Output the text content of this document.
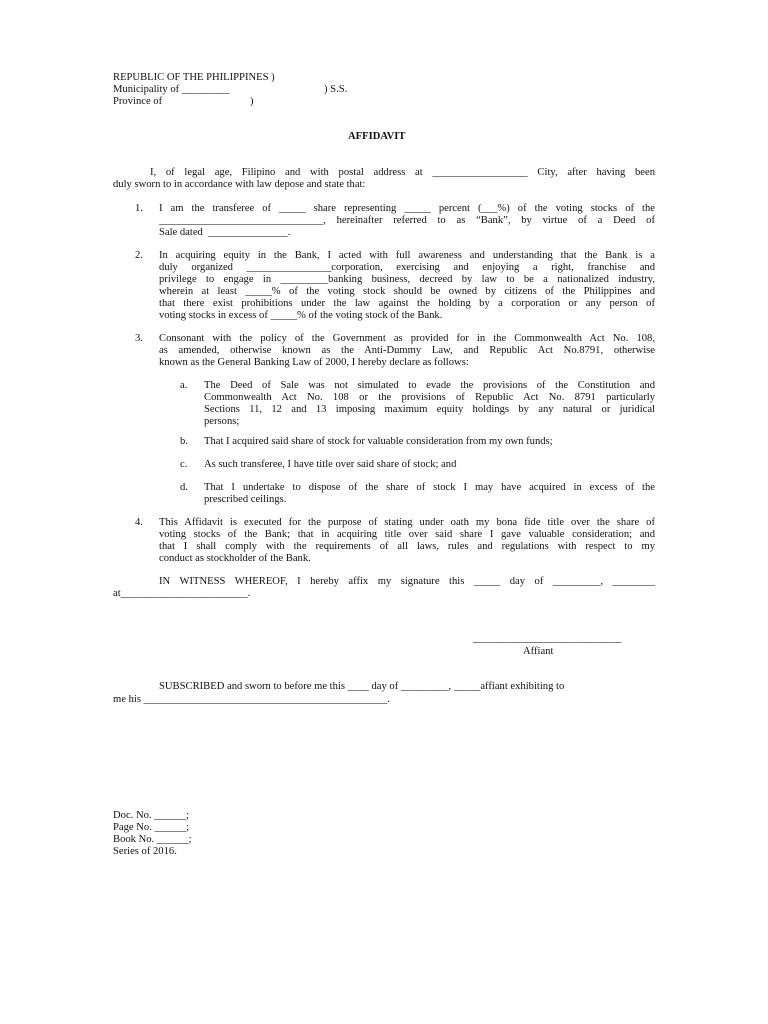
REPUBLIC OF THE PHILIPPINES )
Municipality of _________	) S.S.
Province of	)
AFFIDAVIT
I, of legal age, Filipino and with postal address at __________________ City, after having been
duly sworn to in accordance with law depose and state that:
1. I am the transferee of _____ share representing _____ percent (___%) of the voting stocks of the
_______________________________, hereinafter referred to as “Bank”, by virtue of a Deed of
Sale dated  _______________.
2. In acquiring equity in the Bank, I acted with full awareness and understanding that the Bank is a
duly organized ________________corporation, exercising and enjoying a right, franchise and
privilege to engage in _________banking business, decreed by law to be a nationalized industry,
wherein at least _____% of the voting stock should be owned by citizens of the Philippines and
that there exist prohibitions under the law against the holding by a corporation or any person of
voting stocks in excess of _____% of the voting stock of the Bank.
3. Consonant with the policy of the Government as provided for in the Commonwealth Act No. 108,
as amended, otherwise known as the Anti-Dummy Law, and Republic Act No.8791, otherwise
known as the General Banking Law of 2000, I hereby declare as follows:
a. The Deed of Sale was not simulated to evade the provisions of the Constitution and
Commonwealth Act No. 108 or the provisions of Republic Act No. 8791 particularly
Sections 11, 12 and 13 imposing maximum equity holdings by any natural or juridical
persons;
b. That I acquired said share of stock for valuable consideration from my own funds;
c. As such transferee, I have title over said share of stock; and
d. That I undertake to dispose of the share of stock I may have acquired in excess of the
prescribed ceilings.
4. This Affidavit is executed for the purpose of stating under oath my bona fide title over the share of
voting stocks of the Bank; that in acquiring title over said share I gave valuable consideration; and
that I shall comply with the requirements of all laws, rules and regulations with respect to my
conduct as stockholder of the Bank.
IN WITNESS WHEREOF, I hereby affix my signature this _____ day of _________, ________
at________________________.
____________________________
Affiant
SUBSCRIBED and sworn to before me this ____ day of _________, _____affiant exhibiting to
me his ______________________________________________.
Doc. No. ______;
Page No. ______;
Book No. ______;
Series of 2016.
